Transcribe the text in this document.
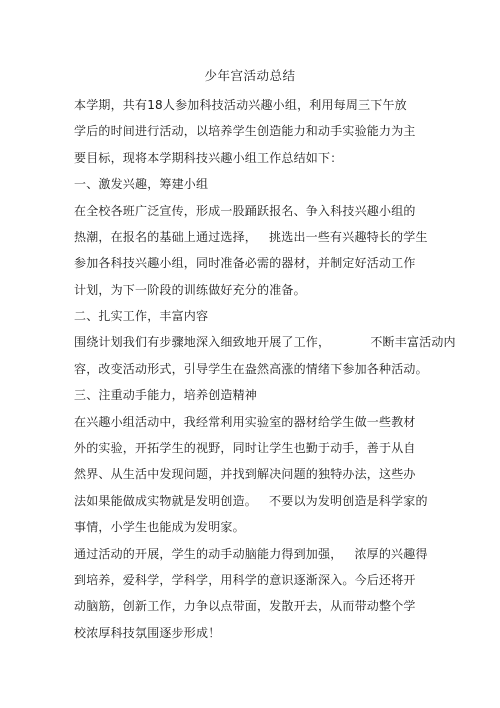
少年宫活动总结
本学期，共有18人参加科技活动兴趣小组，利用每周三下午放
学后的时间进行活动，以培养学生创造能力和动手实验能力为主
要目标，现将本学期科技兴趣小组工作总结如下：
一、激发兴趣，筹建小组
在全校各班广泛宣传，形成一股踊跃报名、争入科技兴趣小组的
热潮，在报名的基础上通过选择，   挑选出一些有兴趣特长的学生
参加各科技兴趣小组，同时准备必需的器材，并制定好活动工作
计划，为下一阶段的训练做好充分的准备。
二、扎实工作，丰富内容
围绕计划我们有步骤地深入细致地开展了工作，          不断丰富活动内
容，改变活动形式，引导学生在盎然高涨的情绪下参加各种活动。
三、注重动手能力，培养创造精神
在兴趣小组活动中，我经常利用实验室的器材给学生做一些教材
外的实验，开拓学生的视野，同时让学生也勤于动手，善于从自
然界、从生活中发现问题，并找到解决问题的独特办法，这些办
法如果能做成实物就是发明创造。   不要以为发明创造是科学家的
事情，小学生也能成为发明家。
通过活动的开展，学生的动手动脑能力得到加强，   浓厚的兴趣得
到培养，爱科学，学科学，用科学的意识逐渐深入。今后还将开
动脑筋，创新工作，力争以点带面，发散开去，从而带动整个学
校浓厚科技氛围逐步形成！
